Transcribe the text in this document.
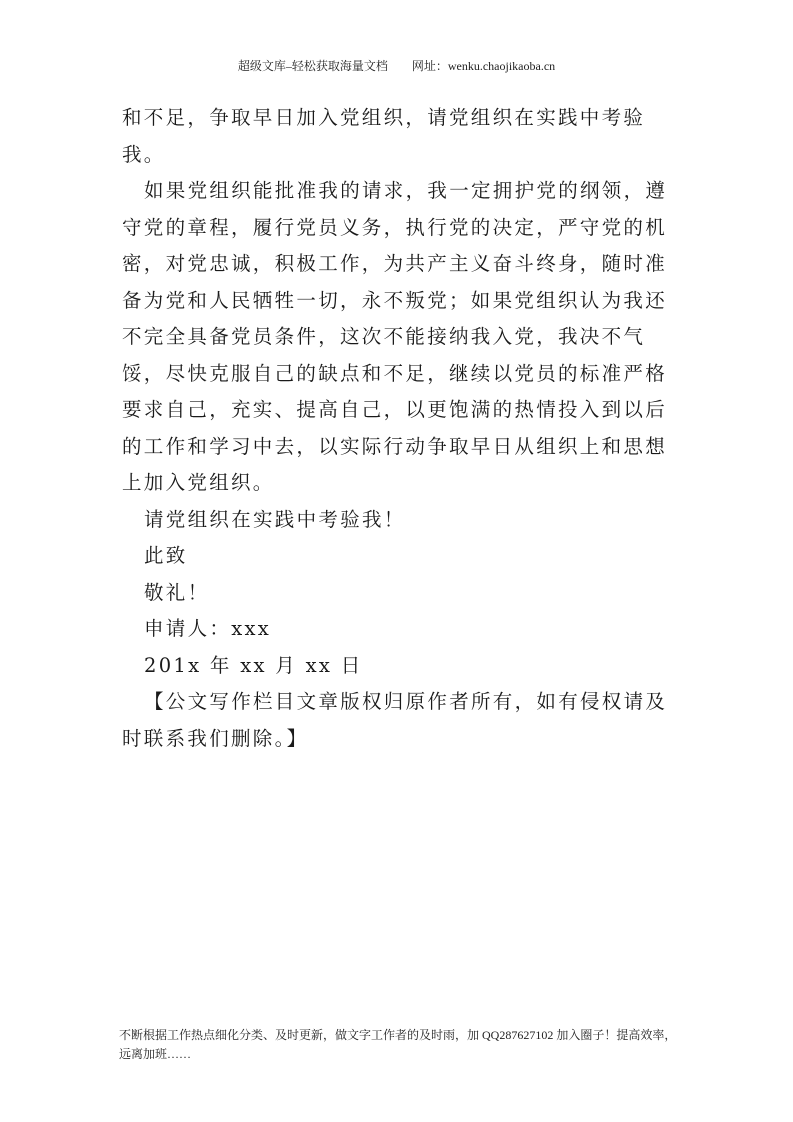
超级文库–轻松获取海量文档 网址：wenku.chaojikaoba.cn

和不足，争取早日加入党组织，请党组织在实践中考验我。

如果党组织能批准我的请求，我一定拥护党的纲领，遵守党的章程，履行党员义务，执行党的决定，严守党的机密，对党忠诚，积极工作，为共产主义奋斗终身，随时准备为党和人民牺牲一切，永不叛党；如果党组织认为我还不完全具备党员条件，这次不能接纳我入党，我决不气馁，尽快克服自己的缺点和不足，继续以党员的标准严格要求自己，充实、提高自己，以更饱满的热情投入到以后的工作和学习中去，以实际行动争取早日从组织上和思想上加入党组织。

请党组织在实践中考验我！

此致

敬礼！

申请人：xxx

201x 年 xx 月 xx 日

【公文写作栏目文章版权归原作者所有，如有侵权请及时联系我们删除。】

不断根据工作热点细化分类、及时更新，做文字工作者的及时雨，加 QQ287627102 加入圈子！提高效率，远离加班……
